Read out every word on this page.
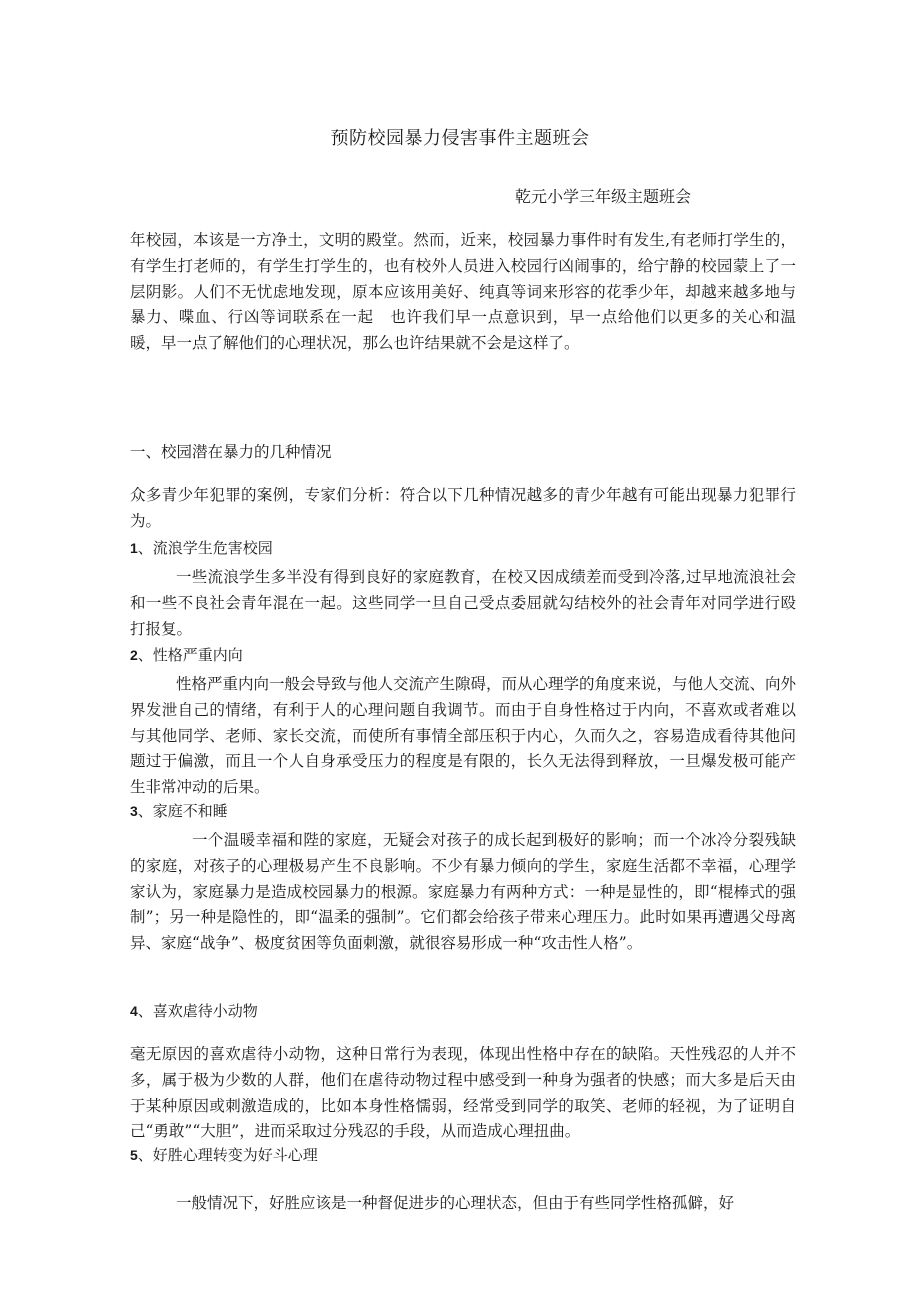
预防校园暴力侵害事件主题班会

乾元小学三年级主题班会

年校园，本该是一方净土，文明的殿堂。然而，近来，校园暴力事件时有发生,有老师打学生的，有学生打老师的，有学生打学生的，也有校外人员进入校园行凶闹事的，给宁静的校园蒙上了一层阴影。人们不无忧虑地发现，原本应该用美好、纯真等词来形容的花季少年，却越来越多地与暴力、喋血、行凶等词联系在一起　也许我们早一点意识到，早一点给他们以更多的关心和温暖，早一点了解他们的心理状况，那么也许结果就不会是这样了。

一、校园潜在暴力的几种情况

众多青少年犯罪的案例，专家们分析：符合以下几种情况越多的青少年越有可能出现暴力犯罪行为。

1、流浪学生危害校园

一些流浪学生多半没有得到良好的家庭教育，在校又因成绩差而受到冷落,过早地流浪社会和一些不良社会青年混在一起。这些同学一旦自己受点委屈就勾结校外的社会青年对同学进行殴打报复。

2、性格严重内向

性格严重内向一般会导致与他人交流产生隙碍，而从心理学的角度来说，与他人交流、向外界发泄自己的情绪，有利于人的心理问题自我调节。而由于自身性格过于内向，不喜欢或者难以与其他同学、老师、家长交流，而使所有事情全部压积于内心，久而久之，容易造成看待其他问题过于偏激，而且一个人自身承受压力的程度是有限的，长久无法得到释放，一旦爆发极可能产生非常冲动的后果。

3、家庭不和睡

一个温暖幸福和陛的家庭，无疑会对孩子的成长起到极好的影响；而一个冰冷分裂残缺的家庭，对孩子的心理极易产生不良影响。不少有暴力倾向的学生，家庭生活都不幸福，心理学家认为，家庭暴力是造成校园暴力的根源。家庭暴力有两种方式：一种是显性的，即“棍棒式的强制”；另一种是隐性的，即“温柔的强制”。它们都会给孩子带来心理压力。此时如果再遭遇父母离异、家庭“战争”、极度贫困等负面刺激，就很容易形成一种“攻击性人格”。

4、喜欢虐待小动物

毫无原因的喜欢虐待小动物，这种日常行为表现，体现出性格中存在的缺陷。天性残忍的人并不多，属于极为少数的人群，他们在虐待动物过程中感受到一种身为强者的快感；而大多是后天由于某种原因或刺激造成的，比如本身性格懦弱，经常受到同学的取笑、老师的轻视，为了证明自己“勇敢”“大胆”，进而采取过分残忍的手段，从而造成心理扭曲。

5、好胜心理转变为好斗心理

一般情况下，好胜应该是一种督促进步的心理状态，但由于有些同学性格孤僻，好
